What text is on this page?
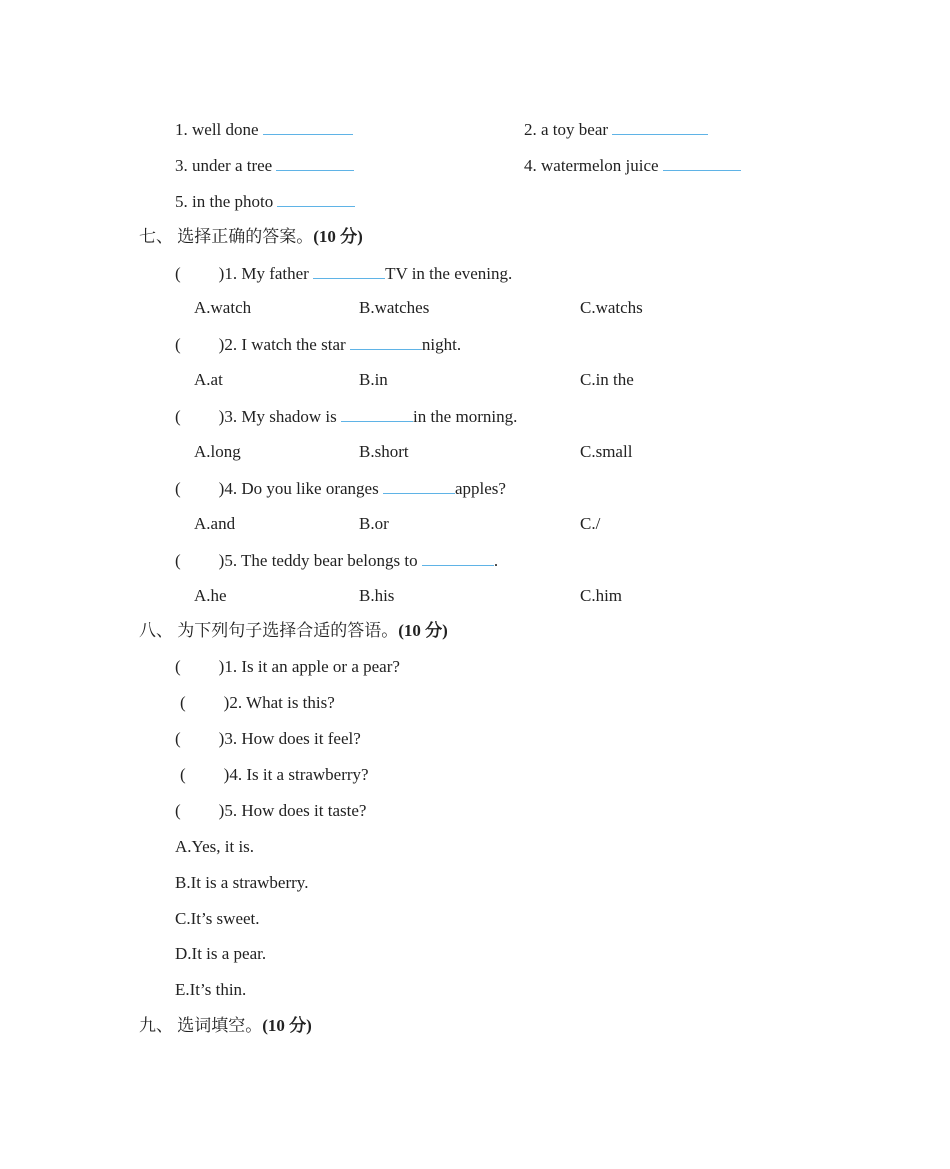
1. well done	2. a toy bear
3. under a tree	4. watermelon juice
5. in the photo
七、 选择正确的答案。(10 分)
( )1. My father	TV in the evening.
A.watch	B.watches	C.watchs
( )2. I watch the star	night.
A.at	B.in	C.in the
( )3. My shadow is	in the morning.
A.long	B.short	C.small
( )4. Do you like oranges	apples?
A.and	B.or	C./
( )5. The teddy bear belongs to	.
A.he	B.his	C.him
八、 为下列句子选择合适的答语。(10 分)
( )1. Is it an apple or a pear?
( )2. What is this?
( )3. How does it feel?
( )4. Is it a strawberry?
( )5. How does it taste?
A.Yes, it is.
B.It is a strawberry.
C.It’s sweet.
D.It is a pear.
E.It’s thin.
九、 选词填空。(10 分)
